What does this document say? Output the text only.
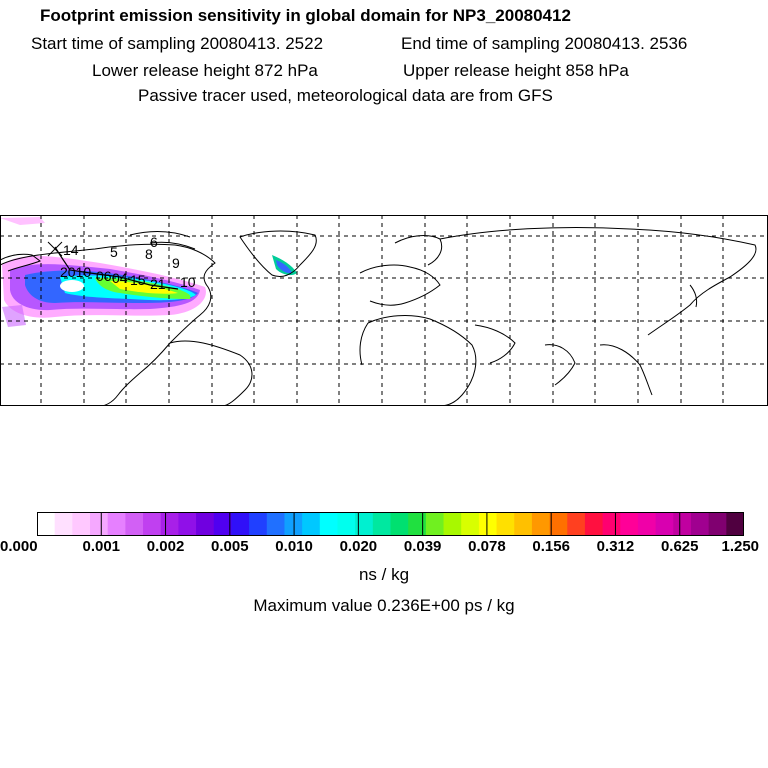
Footprint emission sensitivity in global domain for NP3_20080412
Start time of sampling 20080413. 2522	End time of sampling 20080413. 2536
Lower release height 872 hPa	Upper release height 858 hPa
Passive tracer used, meteorological data are from GFS
14 5
6
8
9
2010 06 04 15 21 10
0.000	0.001 0.002 0.005 0.010 0.020 0.039 0.078 0.156 0.312 0.625 1.250
ns / kg
Maximum value 0.236E+00 ps / kg
